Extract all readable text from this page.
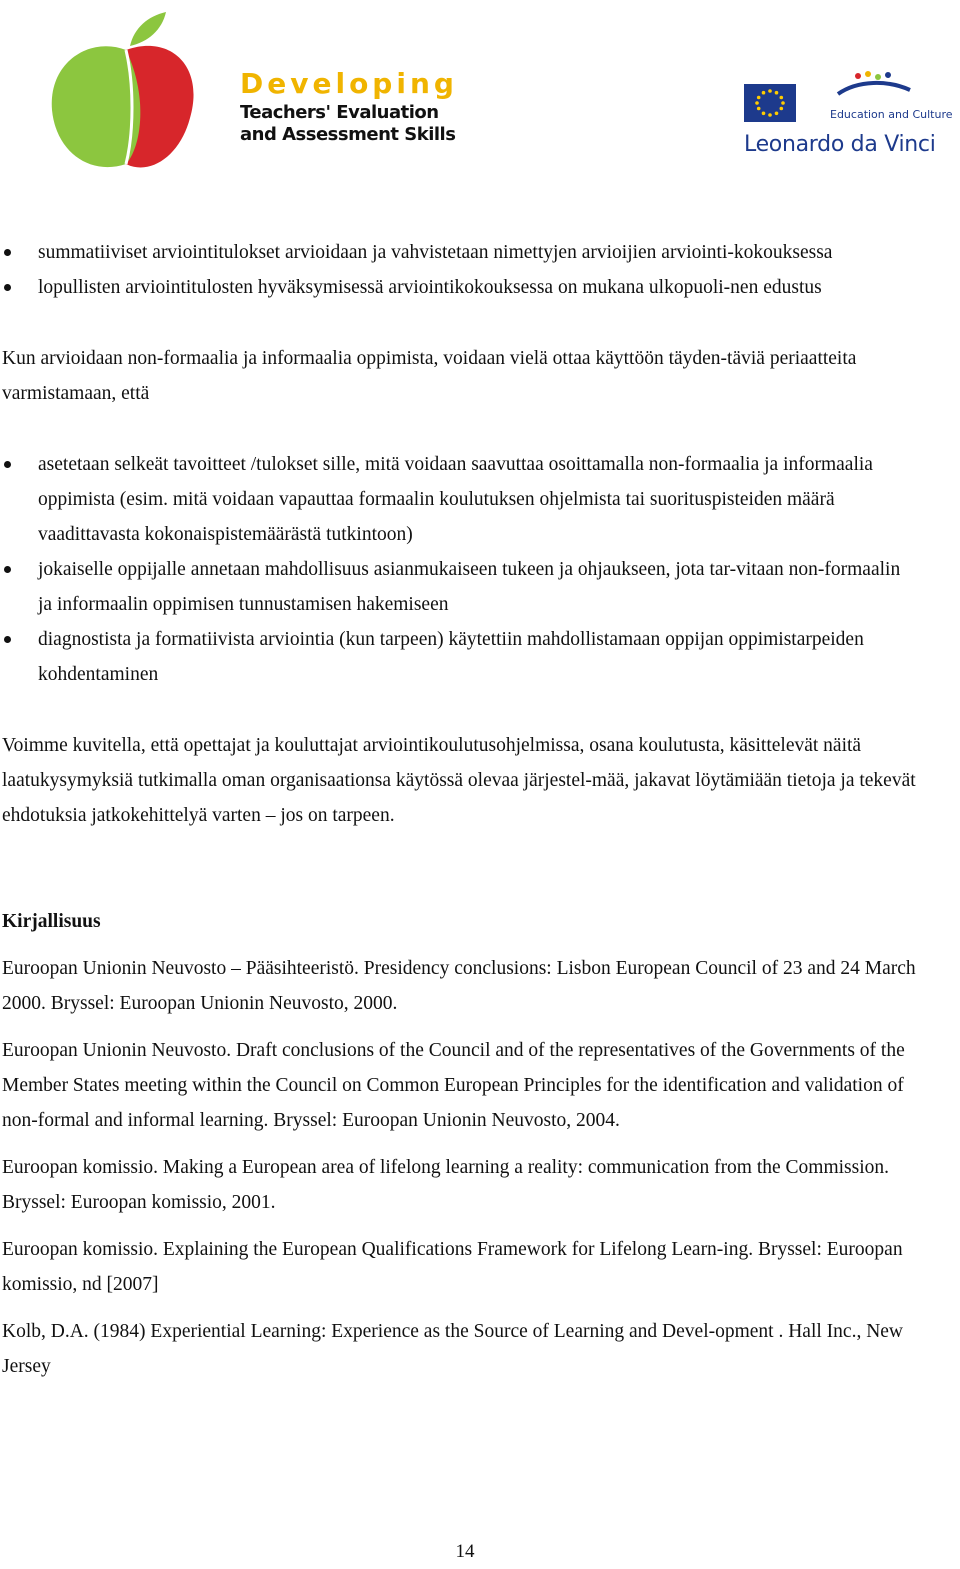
Developing
Teachers' Evaluation
and Assessment Skills
Education and Culture
Leonardo da Vinci
summatiiviset arviointitulokset arvioidaan ja vahvistetaan nimettyjen arvioijien arviointi-kokouksessa
lopullisten arviointitulosten hyväksymisessä arviointikokouksessa on mukana ulkopuoli-nen edustus

Kun arvioidaan non-formaalia ja informaalia oppimista, voidaan vielä ottaa käyttöön täyden-täviä periaatteita varmistamaan, että

asetetaan selkeät tavoitteet /tulokset sille, mitä voidaan saavuttaa osoittamalla non-formaalia ja informaalia oppimista (esim. mitä voidaan vapauttaa formaalin koulutuksen ohjelmista tai suorituspisteiden määrä vaadittavasta kokonaispistemäärästä tutkintoon)
jokaiselle oppijalle annetaan mahdollisuus asianmukaiseen tukeen ja ohjaukseen, jota tar-vitaan non-formaalin ja informaalin oppimisen tunnustamisen hakemiseen
diagnostista ja formatiivista arviointia (kun tarpeen) käytettiin mahdollistamaan oppijan oppimistarpeiden kohdentaminen

Voimme kuvitella, että opettajat ja kouluttajat arviointikoulutusohjelmissa, osana koulutusta, käsittelevät näitä laatukysymyksiä tutkimalla oman organisaationsa käytössä olevaa järjestel-mää, jakavat löytämiään tietoja ja tekevät ehdotuksia jatkokehittelyä varten – jos on tarpeen.

Kirjallisuus

Euroopan Unionin Neuvosto – Pääsihteeristö. Presidency conclusions: Lisbon European Council of 23 and 24 March 2000. Bryssel: Euroopan Unionin Neuvosto, 2000.

Euroopan Unionin Neuvosto. Draft conclusions of the Council and of the representatives of the Governments of the Member States meeting within the Council on Common European Principles for the identification and validation of non-formal and informal learning. Bryssel: Euroopan Unionin Neuvosto, 2004.

Euroopan komissio. Making a European area of lifelong learning a reality: communication from the Commission. Bryssel: Euroopan komissio, 2001.

Euroopan komissio. Explaining the European Qualifications Framework for Lifelong Learn-ing. Bryssel: Euroopan komissio, nd [2007]

Kolb, D.A. (1984) Experiential Learning: Experience as the Source of Learning and Devel-opment . Hall Inc., New Jersey

14
